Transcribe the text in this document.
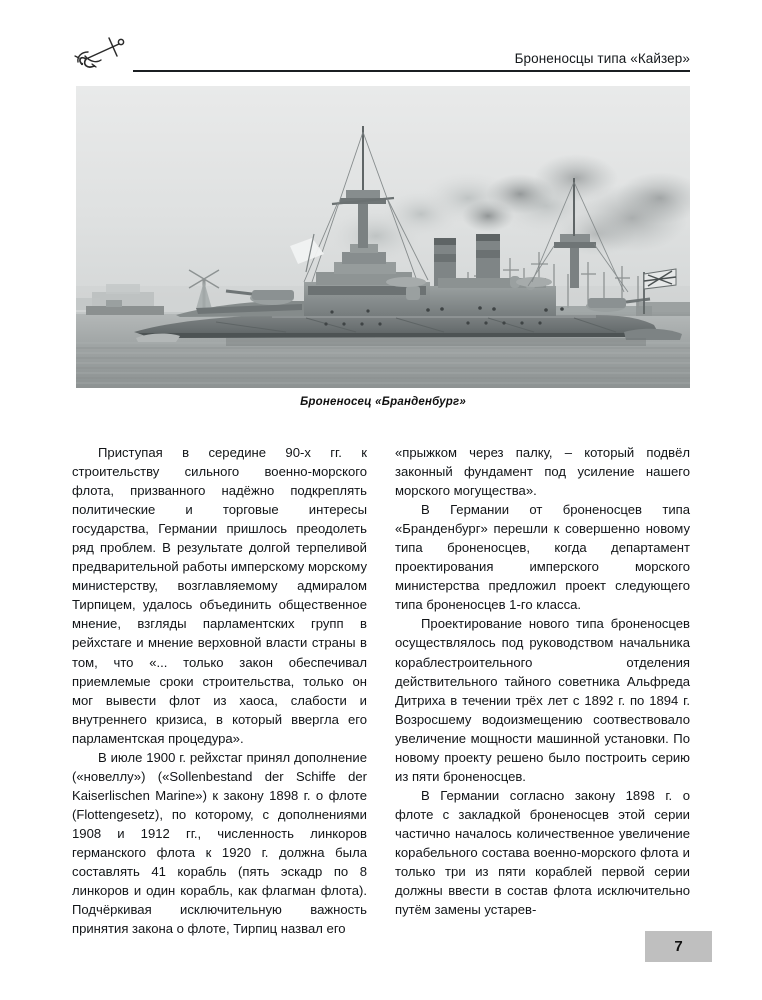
Броненосцы типа «Кайзер»
Броненосец «Бранденбург»

Приступая в середине 90-х гг. к строительству сильного военно-морского флота, призванного надёжно подкреплять политические и торговые интересы государства, Германии пришлось преодолеть ряд проблем. В результате долгой терпеливой предварительной работы имперскому морскому министерству, возглавляемому адмиралом Тирпицем, удалось объединить общественное мнение, взгляды парламентских групп в рейхстаге и мнение верховной власти страны в том, что «... только закон обеспечивал приемлемые сроки строительства, только он мог вывести флот из хаоса, слабости и внутреннего кризиса, в который ввергла его парламентская процедура».

В июле 1900 г. рейхстаг принял дополнение («новеллу») («Sollenbestand der Schiffe der Kaiserlischen Marine») к закону 1898 г. о флоте (Flottengesetz), по которому, с дополнениями 1908 и 1912 гг., численность линкоров германского флота к 1920 г. должна была составлять 41 корабль (пять эскадр по 8 линкоров и один корабль, как флагман флота). Подчёркивая исключительную важность принятия закона о флоте, Тирпиц назвал его

«прыжком через палку, – который подвёл законный фундамент под усиление нашего морского могущества».

В Германии от броненосцев типа «Бранденбург» перешли к совершенно новому типа броненосцев, когда департамент проектирования имперского морского министерства предложил проект следующего типа броненосцев 1-го класса.

Проектирование нового типа броненосцев осуществлялось под руководством начальника кораблестроительного отделения действительного тайного советника Альфреда Дитриха в течении трёх лет с 1892 г. по 1894 г. Возросшему водоизмещению соотвествовало увеличение мощности машинной установки. По новому проекту решено было построить серию из пяти броненосцев.

В Германии согласно закону 1898 г. о флоте с закладкой броненосцев этой серии частично началось количественное увеличение корабельного состава военно-морского флота и только три из пяти кораблей первой серии должны ввести в состав флота исключительно путём замены устарев-

7
